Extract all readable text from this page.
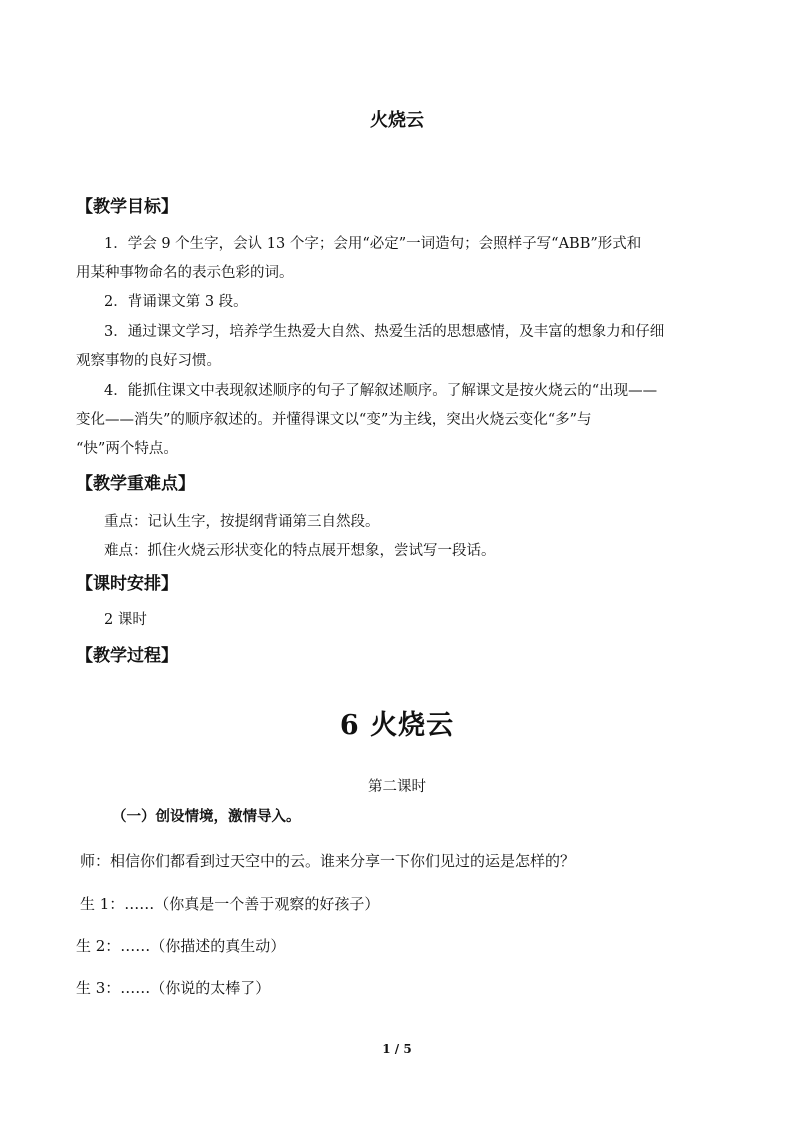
火烧云
【教学目标】
1．学会 9 个生字，会认 13 个字；会用“必定”一词造句；会照样子写“ABB”形式和
用某种事物命名的表示色彩的词。
2．背诵课文第 3 段。
3．通过课文学习，培养学生热爱大自然、热爱生活的思想感情，及丰富的想象力和仔细
观察事物的良好习惯。
4．能抓住课文中表现叙述顺序的句子了解叙述顺序。了解课文是按火烧云的“出现——
变化——消失”的顺序叙述的。并懂得课文以“变”为主线，突出火烧云变化“多”与
“快”两个特点。
【教学重难点】
重点：记认生字，按提纲背诵第三自然段。
难点：抓住火烧云形状变化的特点展开想象，尝试写一段话。
【课时安排】
2 课时
【教学过程】
6 火烧云
第二课时
（一）创设情境，激情导入。
师：相信你们都看到过天空中的云。谁来分享一下你们见过的运是怎样的？
生 1：……（你真是一个善于观察的好孩子）
生 2：……（你描述的真生动）
生 3：……（你说的太棒了）
1 / 5
